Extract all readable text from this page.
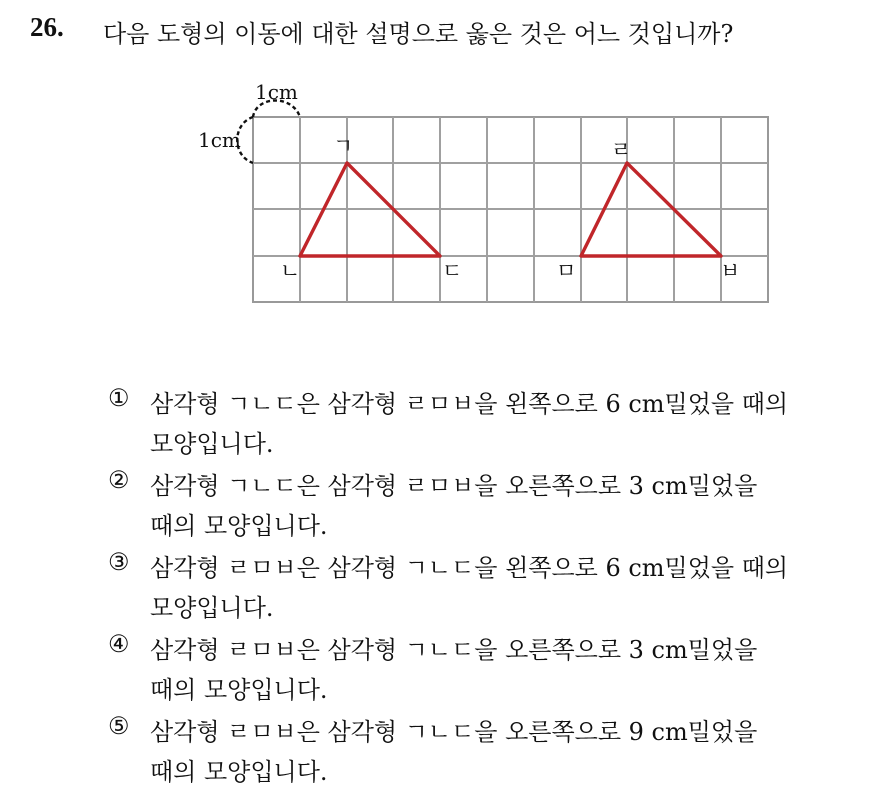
26. 다음 도형의 이동에 대한 설명으로 옳은 것은 어느 것입니까?
1cm
1cm	ㄱ
ㄴ	ㄷ
ㄹ
ㅁ	ㅂ
① 삼각형 ㄱㄴㄷ은 삼각형 ㄹㅁㅂ을 왼쪽으로 6 cm밀었을 때의
모양입니다.
② 삼각형 ㄱㄴㄷ은 삼각형 ㄹㅁㅂ을 오른쪽으로 3 cm밀었을
때의 모양입니다.
③ 삼각형 ㄹㅁㅂ은 삼각형 ㄱㄴㄷ을 왼쪽으로 6 cm밀었을 때의
모양입니다.
④ 삼각형 ㄹㅁㅂ은 삼각형 ㄱㄴㄷ을 오른쪽으로 3 cm밀었을
때의 모양입니다.
⑤ 삼각형 ㄹㅁㅂ은 삼각형 ㄱㄴㄷ을 오른쪽으로 9 cm밀었을
때의 모양입니다.
